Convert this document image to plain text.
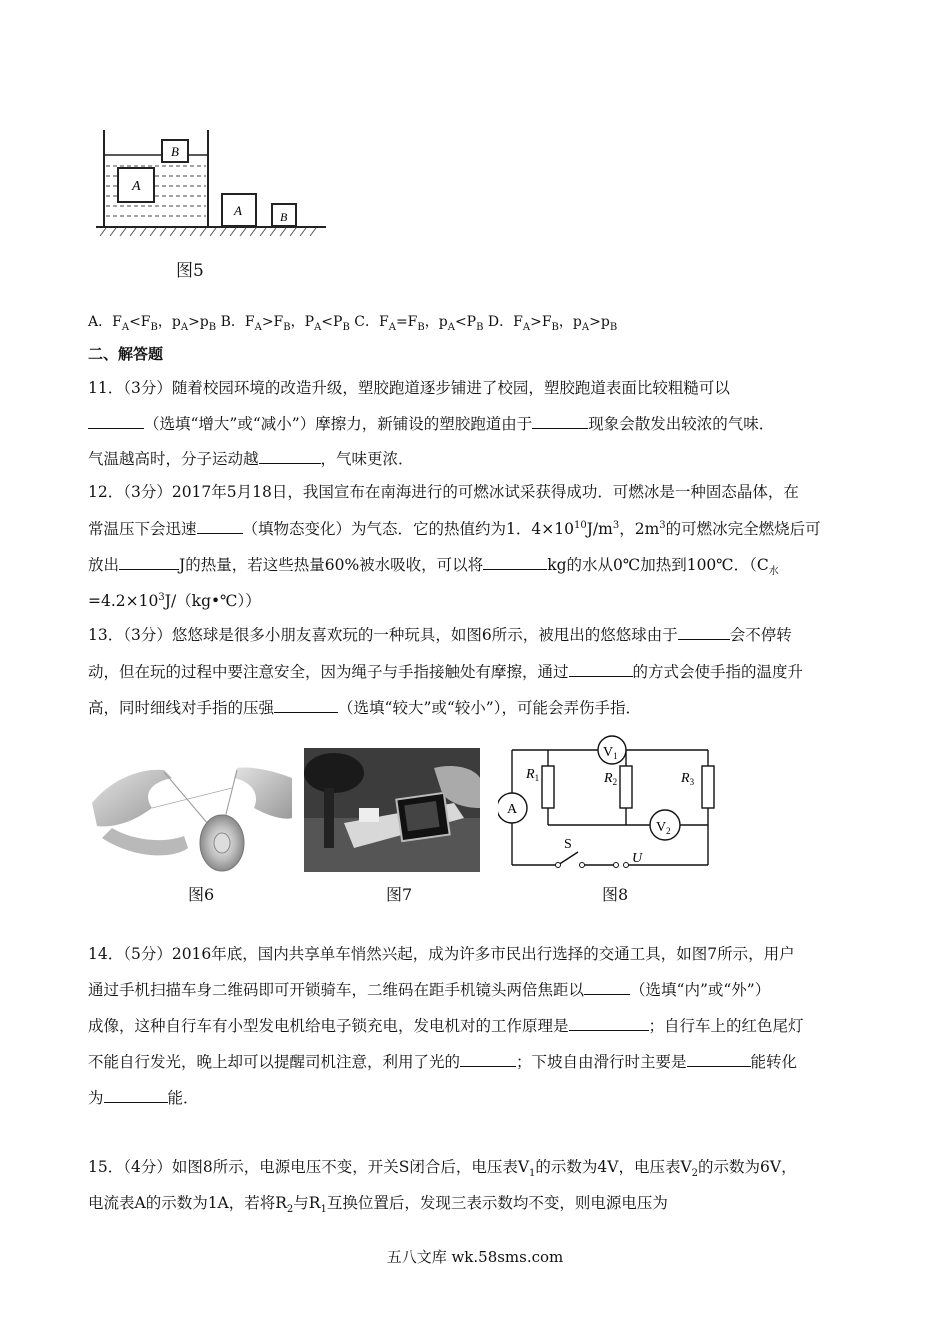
A
B
A	B
图5
A．$F_A<F_B$，$p_A>p_B$ B．$F_A>F_B$，$P_A<P_B$ C．$F_A=F_B$，$p_A<P_B$ D．$F_A>F_B$，$p_A>p_B$
二、解答题
11．（3分）随着校园环境的改造升级，塑胶跑道逐步铺进了校园，塑胶跑道表面比较粗糙可以
（选填“增大”或“减小”）摩擦力，新铺设的塑胶跑道由于	现象会散发出较浓的气味．
气温越高时，分子运动越	，气味更浓．
12．（3分）2017年5月18日，我国宣布在南海进行的可燃冰试采获得成功．可燃冰是一种固态晶体，在
常温压下会迅速	（填物态变化）为气态．它的热值约为1．$4\times 10^{10}J/m^3$，$2m^3$的可燃冰完全燃烧后可
放出	J的热量，若这些热量60%被水吸收，可以将	kg的水从0℃加热到100℃．（$C_水$
$=4.2\times 10^3J/(kg•℃)$）
13．（3分）悠悠球是很多小朋友喜欢玩的一种玩具，如图6所示，被甩出的悠悠球由于	会不停转
动，但在玩的过程中要注意安全，因为绳子与手指接触处有摩擦，通过	的方式会使手指的温度升
高，同时细线对手指的压强	（选填“较大”或“较小”），可能会弄伤手指．
图6	图7
$V_1$
$V_2$
A
$R_1$	$R_2$	$R_3$
S
U
图8
14．（5分）2016年底，国内共享单车悄然兴起，成为许多市民出行选择的交通工具，如图7所示，用户
通过手机扫描车身二维码即可开锁骑车，二维码在距手机镜头两倍焦距以	（选填“内”或“外”）
成像，这种自行车有小型发电机给电子锁充电，发电机对的工作原理是	；自行车上的红色尾灯
不能自行发光，晚上却可以提醒司机注意，利用了光的	；下坡自由滑行时主要是	能转化
为	能．
15．（4分）如图8所示，电源电压不变，开关S闭合后，电压表$V_1$的示数为4V，电压表$V_2$的示数为6V，
电流表A的示数为1A，若将$R_2$与$R_1$互换位置后，发现三表示数均不变，则电源电压为
五八文库 wk.58sms.com
